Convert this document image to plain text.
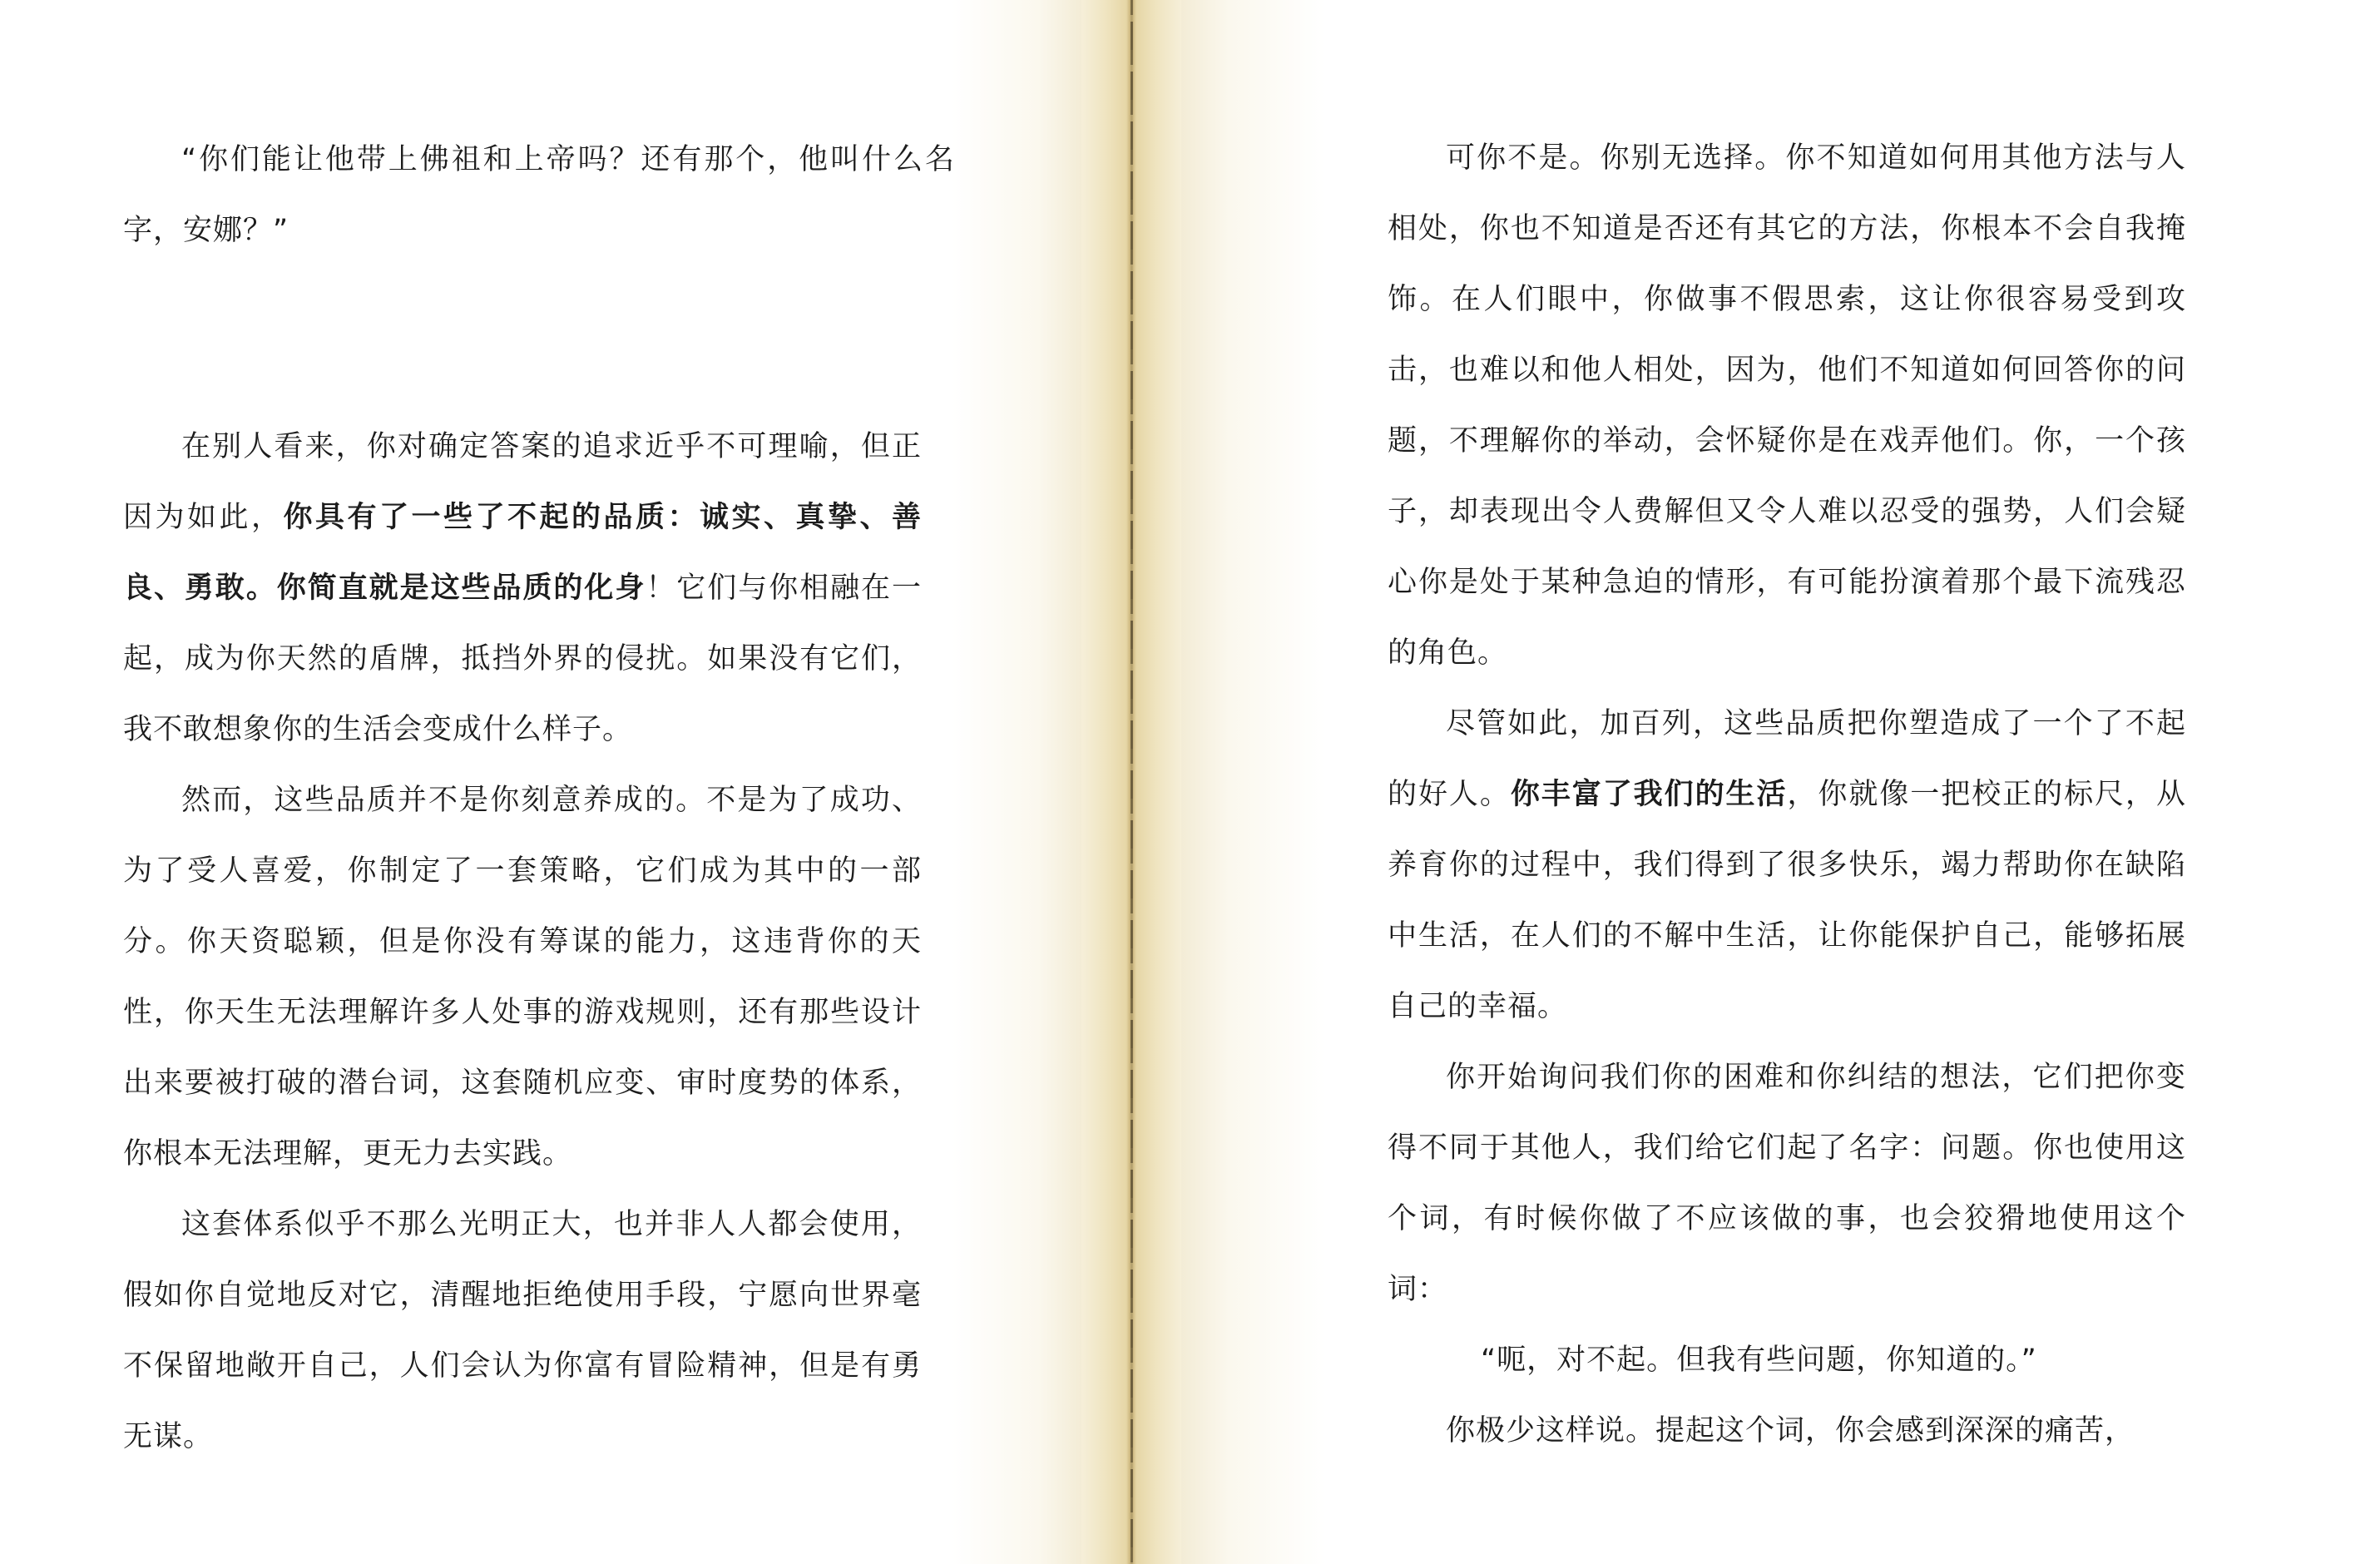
“你们能让他带上佛祖和上帝吗？还有那个，他叫什么名字，安娜？”

在别人看来，你对确定答案的追求近乎不可理喻，但正因为如此，你具有了一些了不起的品质：诚实、真挚、善良、勇敢。你简直就是这些品质的化身！它们与你相融在一起，成为你天然的盾牌，抵挡外界的侵扰。如果没有它们，我不敢想象你的生活会变成什么样子。

然而，这些品质并不是你刻意养成的。不是为了成功、为了受人喜爱，你制定了一套策略，它们成为其中的一部分。你天资聪颖，但是你没有筹谋的能力，这违背你的天性，你天生无法理解许多人处事的游戏规则，还有那些设计出来要被打破的潜台词，这套随机应变、审时度势的体系，你根本无法理解，更无力去实践。

这套体系似乎不那么光明正大，也并非人人都会使用，假如你自觉地反对它，清醒地拒绝使用手段，宁愿向世界毫不保留地敞开自己，人们会认为你富有冒险精神，但是有勇无谋。

可你不是。你别无选择。你不知道如何用其他方法与人相处，你也不知道是否还有其它的方法，你根本不会自我掩饰。在人们眼中，你做事不假思索，这让你很容易受到攻击，也难以和他人相处，因为，他们不知道如何回答你的问题，不理解你的举动，会怀疑你是在戏弄他们。你，一个孩子，却表现出令人费解但又令人难以忍受的强势，人们会疑心你是处于某种急迫的情形，有可能扮演着那个最下流残忍的角色。

尽管如此，加百列，这些品质把你塑造成了一个了不起的好人。你丰富了我们的生活，你就像一把校正的标尺，从养育你的过程中，我们得到了很多快乐，竭力帮助你在缺陷中生活，在人们的不解中生活，让你能保护自己，能够拓展自己的幸福。

你开始询问我们你的困难和你纠结的想法，它们把你变得不同于其他人，我们给它们起了名字：问题。你也使用这个词，有时候你做了不应该做的事，也会狡猾地使用这个词：

“呃，对不起。但我有些问题，你知道的。”

你极少这样说。提起这个词，你会感到深深的痛苦，
